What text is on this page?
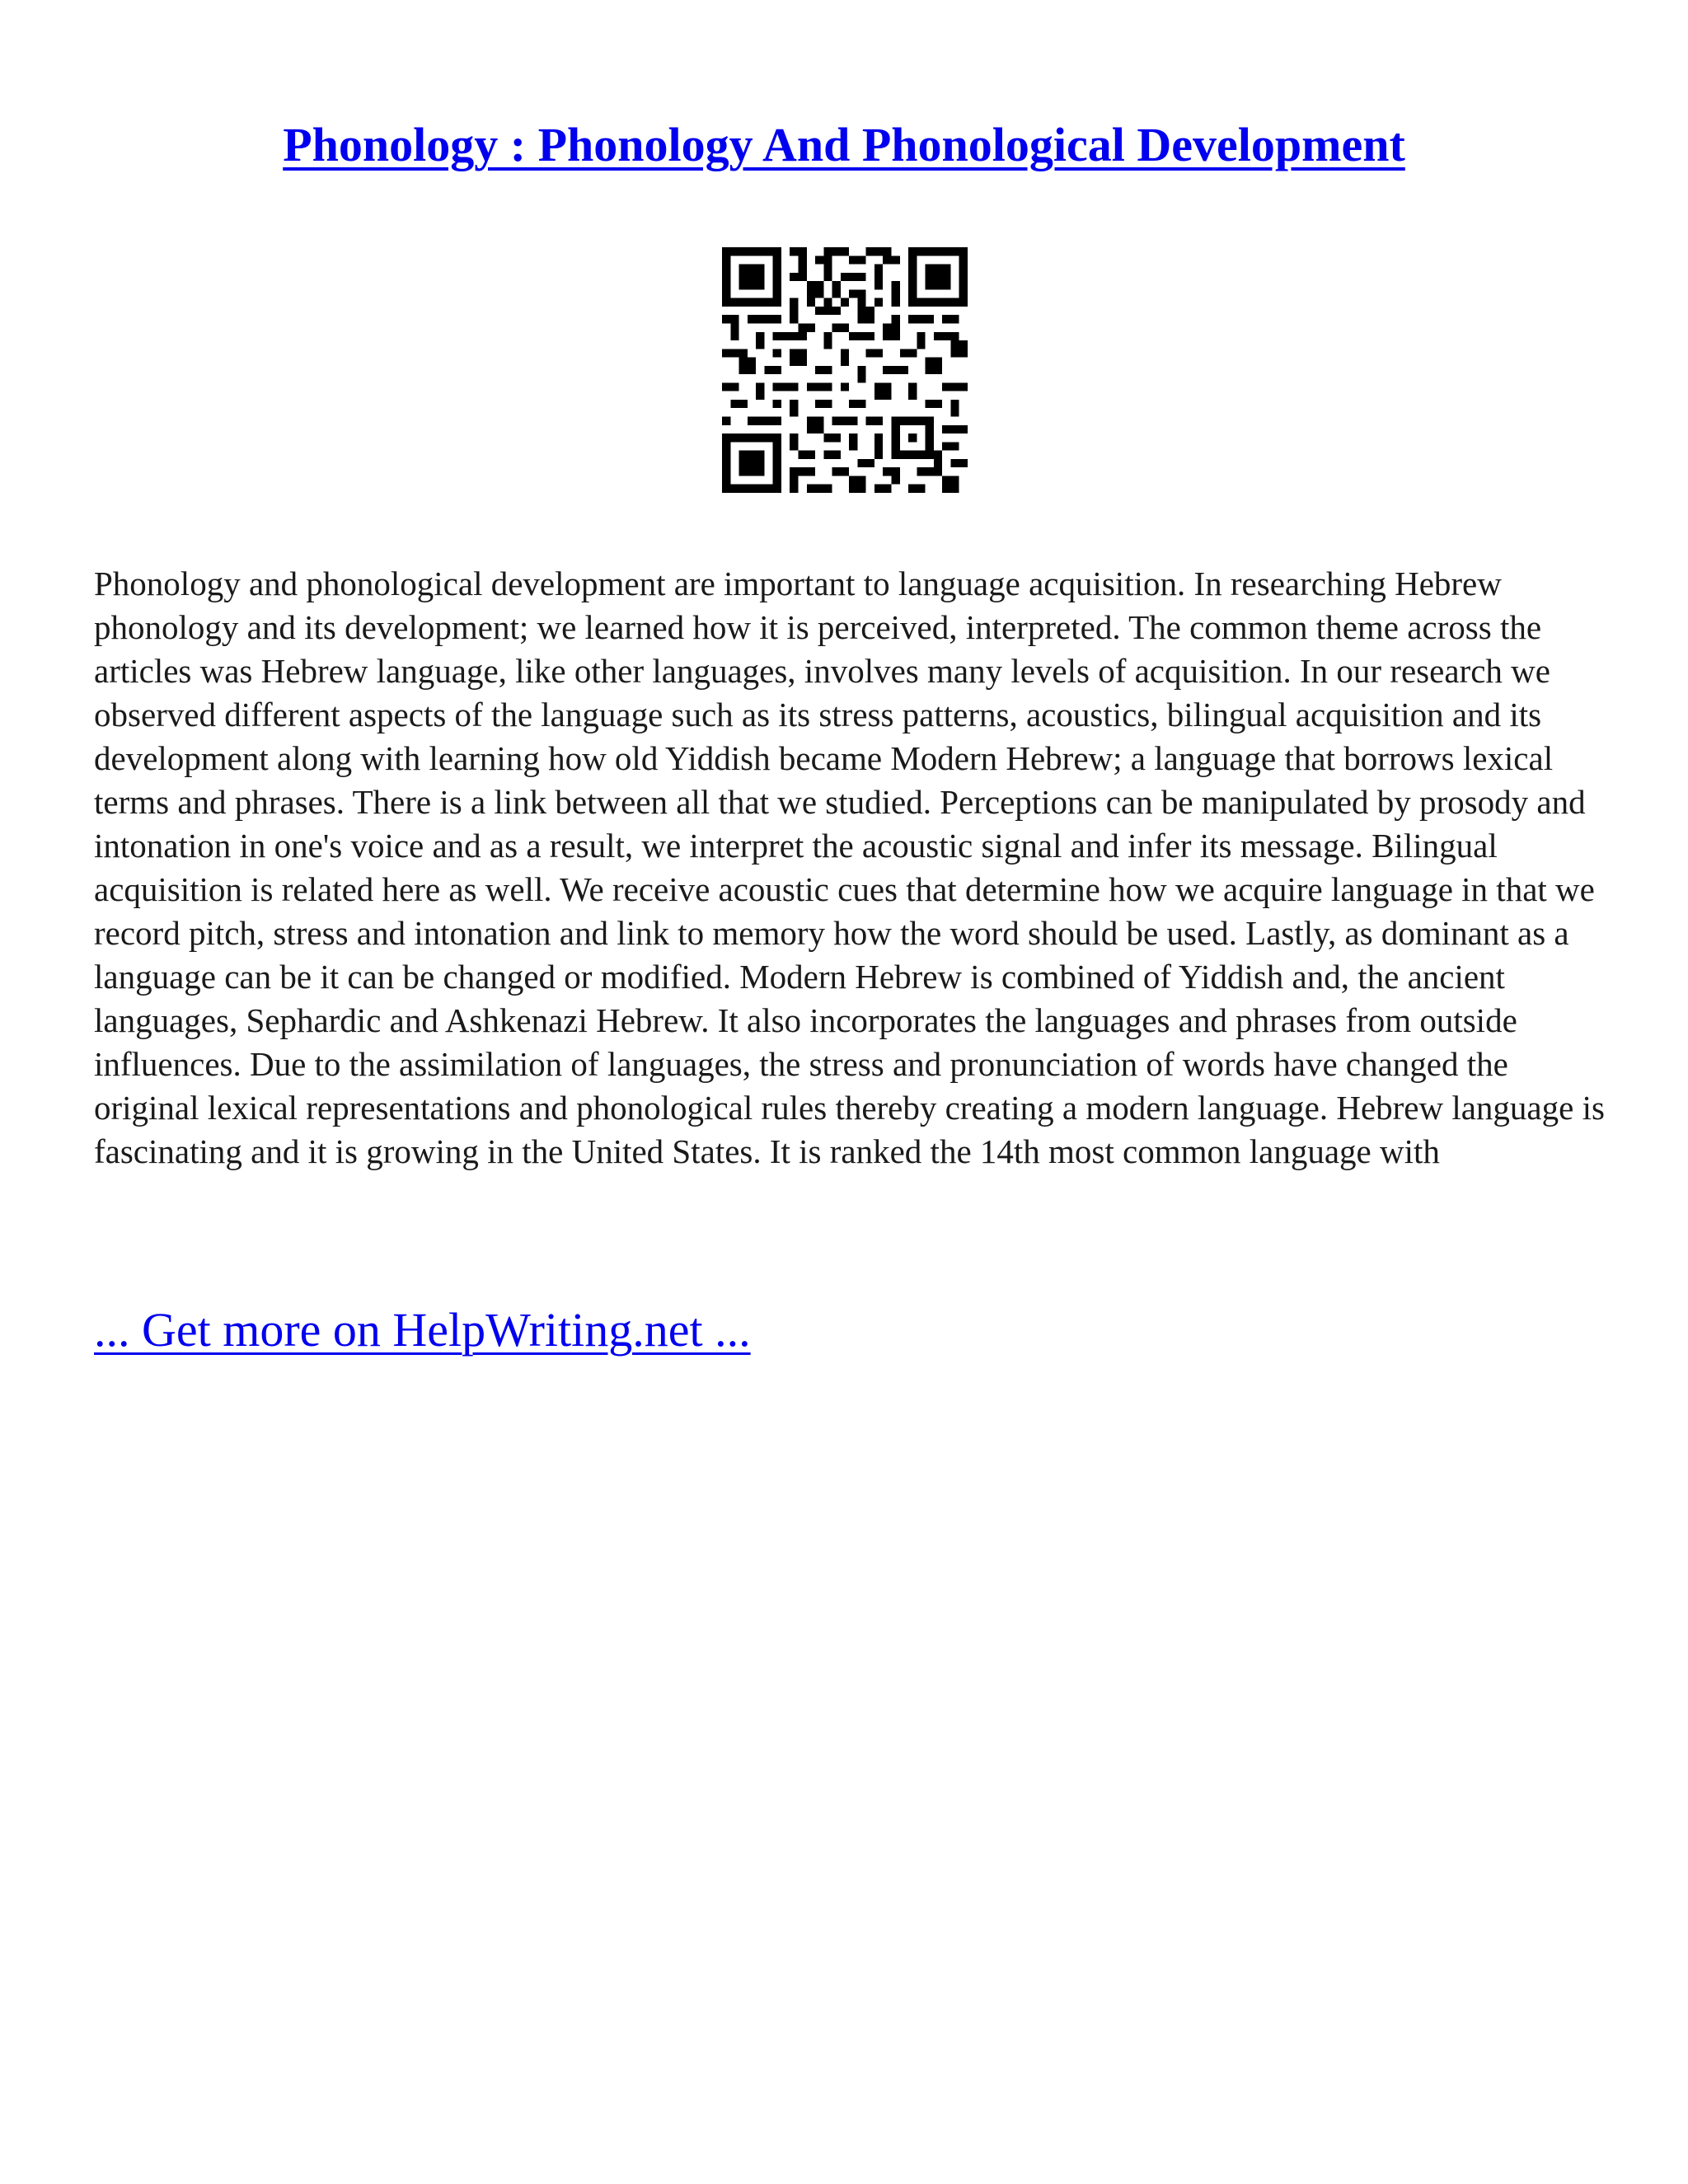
Phonology : Phonology And Phonological Development

Phonology and phonological development are important to language acquisition. In researching Hebrew phonology and its development; we learned how it is perceived, interpreted. The common theme across the articles was Hebrew language, like other languages, involves many levels of acquisition. In our research we observed different aspects of the language such as its stress patterns, acoustics, bilingual acquisition and its development along with learning how old Yiddish became Modern Hebrew; a language that borrows lexical terms and phrases. There is a link between all that we studied. Perceptions can be manipulated by prosody and intonation in one's voice and as a result, we interpret the acoustic signal and infer its message. Bilingual acquisition is related here as well. We receive acoustic cues that determine how we acquire language in that we record pitch, stress and intonation and link to memory how the word should be used. Lastly, as dominant as a language can be it can be changed or modified. Modern Hebrew is combined of Yiddish and, the ancient languages, Sephardic and Ashkenazi Hebrew. It also incorporates the languages and phrases from outside influences. Due to the assimilation of languages, the stress and pronunciation of words have changed the original lexical representations and phonological rules thereby creating a modern language. Hebrew language is fascinating and it is growing in the United States. It is ranked the 14th most common language with

... Get more on HelpWriting.net ...
